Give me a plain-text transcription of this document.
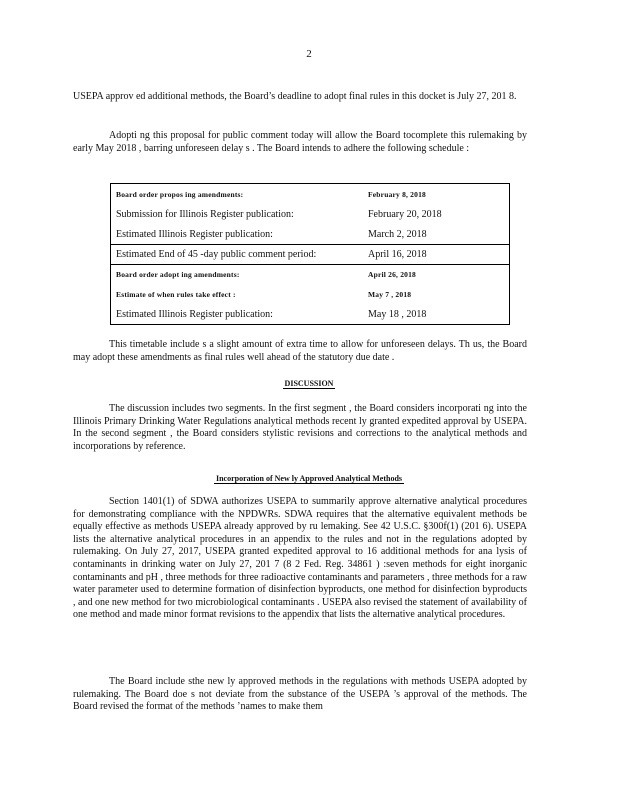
2
USEPA approv ed additional methods, the Board’s deadline to adopt final rules in this docket is July 27, 201 8.
Adopti ng this proposal for public comment today will allow the Board tocomplete this rulemaking by early May 2018 , barring unforeseen delay s . The Board intends to adhere the following schedule :
Board order propos ing amendments:	February 8, 2018
Submission for Illinois Register publication:	February 20, 2018
Estimated Illinois Register publication:	March 2, 2018
Estimated End of 45 -day public comment period:	April 16, 2018
Board order adopt ing amendments:	April 26, 2018
Estimate of when rules take effect :	May 7 , 2018
Estimated Illinois Register publication:	May 18 , 2018
This timetable include s a slight amount of extra time to allow for unforeseen delays. Th us, the Board may adopt these amendments as final rules well ahead of the statutory due date .
DISCUSSION
The discussion includes two segments. In the first segment , the Board considers incorporati ng into the Illinois Primary Drinking Water Regulations analytical methods recent ly granted expedited approval by USEPA. In the second segment , the Board considers stylistic revisions and corrections to the analytical methods and incorporations by reference.
Incorporation of New ly Approved Analytical Methods
Section 1401(1) of SDWA authorizes USEPA to summarily approve alternative analytical procedures for demonstrating compliance with the NPDWRs. SDWA requires that the alternative equivalent methods be equally effective as methods USEPA already approved by ru lemaking. See 42 U.S.C. §300f(1) (201 6). USEPA lists the alternative analytical procedures in an appendix to the rules and not in the regulations adopted by rulemaking. On July 27, 2017, USEPA granted expedited approval to 16 additional methods for ana lysis of contaminants in drinking water on July 27, 201 7 (8 2 Fed. Reg. 34861 ) :seven methods for eight inorganic contaminants and pH , three methods for three radioactive contaminants and parameters , three methods for a raw water parameter used to determine formation of disinfection byproducts, one method for disinfection byproducts , and one new method for two microbiological contaminants . USEPA also revised the statement of availability of one method and made minor format revisions to the appendix that lists the alternative analytical procedures.
The Board include sthe new ly approved methods in the regulations with methods USEPA adopted by rulemaking. The Board doe s not deviate from the substance of the USEPA ’s approval of the methods. The Board revised the format of the methods ’names to make them
